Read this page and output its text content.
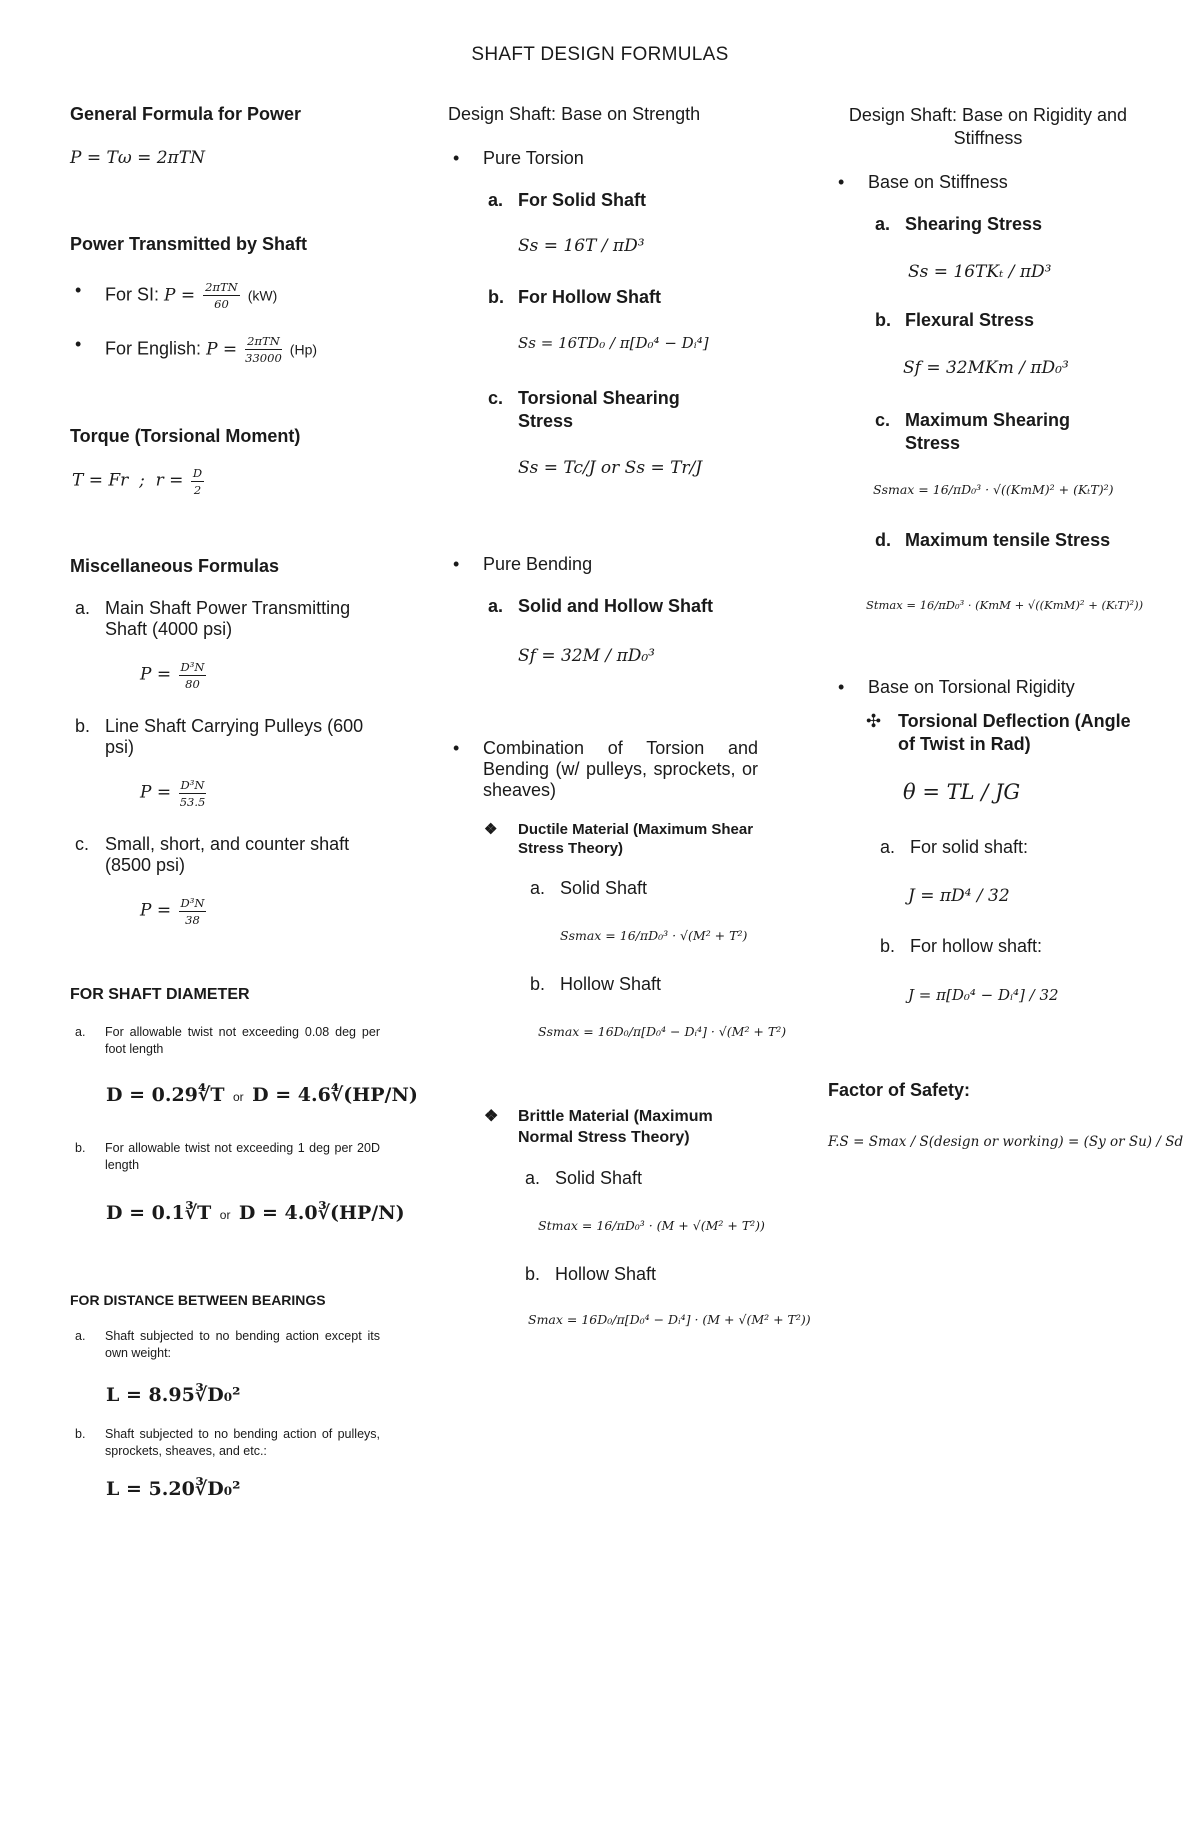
SHAFT DESIGN FORMULAS
General Formula for Power
P = Tω = 2πTN
Power Transmitted by Shaft
• For SI: $P = \frac{\text{2πTN}}{60} (kW)$
• For English: $P = \frac{\text{2πTN}}{33000} (Hp)$
Torque (Torsional Moment)
T = Fr  ;  $r = \frac{D}{2}$
Miscellaneous Formulas
a. Main Shaft Power Transmitting Shaft (4000 psi)
$P = \frac{\text{D³N}}{80}$
b. Line Shaft Carrying Pulleys (600 psi)
$P = \frac{\text{D³N}}{53.5}$
c. Small, short, and counter shaft (8500 psi)
$P = \frac{\text{D³N}}{38}$
FOR SHAFT DIAMETER
a. For allowable twist not exceeding 0.08 deg per foot length
D = 0.29∜T or D = 4.6∜(HP/N)
b. For allowable twist not exceeding 1 deg per 20D length
D = 0.1∛T or D = 4.0∛(HP/N)
FOR DISTANCE BETWEEN BEARINGS
a. Shaft subjected to no bending action except its own weight:
L = 8.95∛D₀²
b. Shaft subjected to no bending action of pulleys, sprockets, sheaves, and etc.:
L = 5.20∛D₀²
Design Shaft: Base on Strength
• Pure Torsion
a. For Solid Shaft
Ss = 16T / πD³
b. For Hollow Shaft
Ss = 16TD₀ / π[D₀⁴ − Dᵢ⁴]
c. Torsional Shearing Stress
Ss = Tc/J or Ss = Tr/J
• Pure Bending
a. Solid and Hollow Shaft
Sf = 32M / πD₀³
• Combination of Torsion and Bending (w/ pulleys, sprockets, or sheaves)
❖ Ductile Material (Maximum Shear Stress Theory)
a. Solid Shaft
Ssmax = 16/πD₀³ · √(M² + T²)
b. Hollow Shaft
Ssmax = 16D₀/π[D₀⁴ − Dᵢ⁴] · √(M² + T²)
❖ Brittle Material (Maximum Normal Stress Theory)
a. Solid Shaft
Stmax = 16/πD₀³ · (M + √(M² + T²))
b. Hollow Shaft
Smax = 16D₀/π[D₀⁴ − Dᵢ⁴] · (M + √(M² + T²))
Design Shaft: Base on Rigidity and Stiffness
• Base on Stiffness
a. Shearing Stress
Ss = 16TKₜ / πD³
b. Flexural Stress
Sf = 32MKm / πD₀³
c. Maximum Shearing Stress
Ssmax = 16/πD₀³ · √((KmM)² + (KₜT)²)
d. Maximum tensile Stress
Stmax = 16/πD₀³ · (KmM + √((KmM)² + (KₜT)²))
• Base on Torsional Rigidity
✣ Torsional Deflection (Angle of Twist in Rad)
θ = TL / JG
a. For solid shaft:
J = πD⁴ / 32
b. For hollow shaft:
J = π[D₀⁴ − Dᵢ⁴] / 32
Factor of Safety:
F.S = Smax / S(design or working) = (Sy or Su) / Sd
